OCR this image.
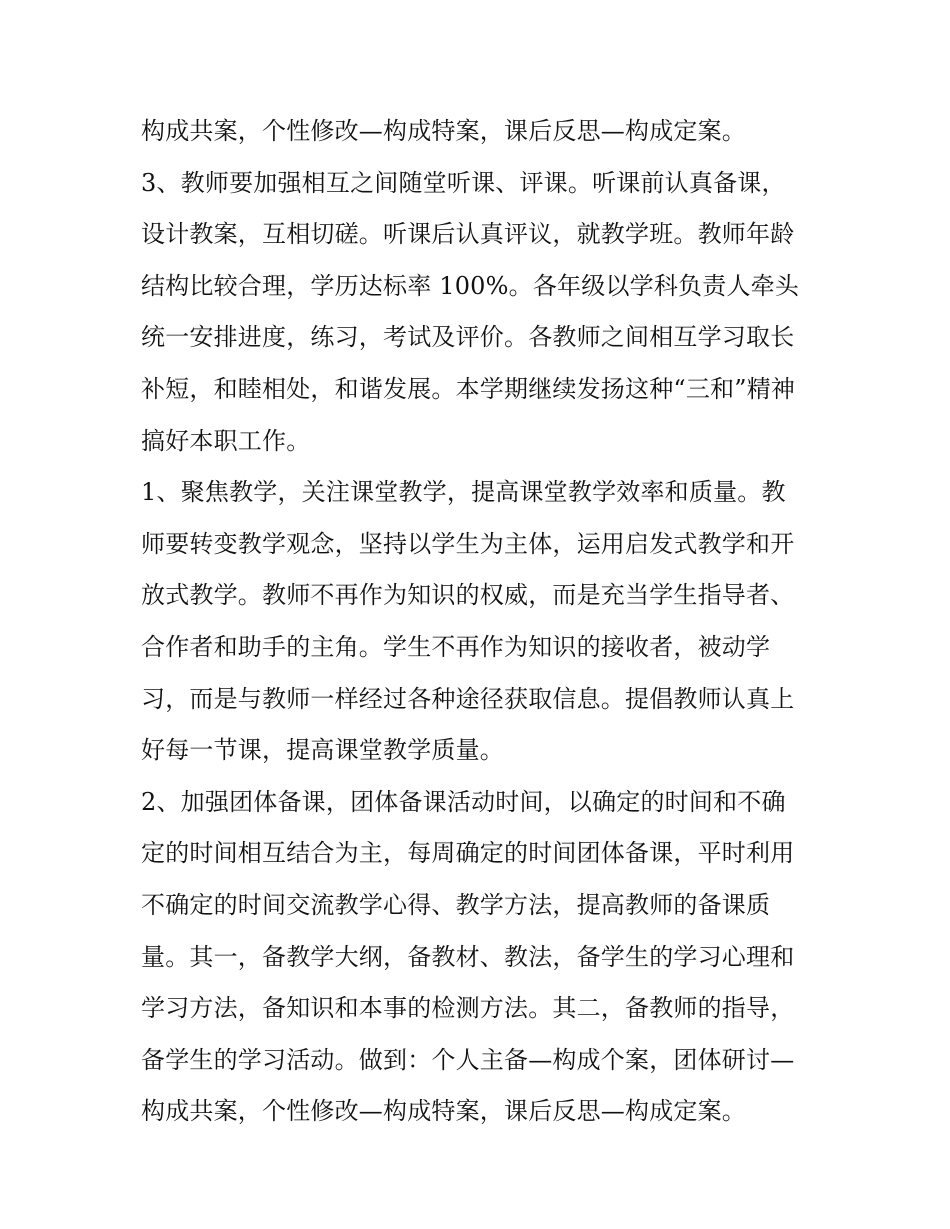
构成共案，个性修改—构成特案，课后反思—构成定案。
3、教师要加强相互之间随堂听课、评课。听课前认真备课，
设计教案，互相切磋。听课后认真评议，就教学班。教师年龄
结构比较合理，学历达标率 100%。各年级以学科负责人牵头
统一安排进度，练习，考试及评价。各教师之间相互学习取长
补短，和睦相处，和谐发展。本学期继续发扬这种“三和”精神
搞好本职工作。
1、聚焦教学，关注课堂教学，提高课堂教学效率和质量。教
师要转变教学观念，坚持以学生为主体，运用启发式教学和开
放式教学。教师不再作为知识的权威，而是充当学生指导者、
合作者和助手的主角。学生不再作为知识的接收者，被动学
习，而是与教师一样经过各种途径获取信息。提倡教师认真上
好每一节课，提高课堂教学质量。
2、加强团体备课，团体备课活动时间，以确定的时间和不确
定的时间相互结合为主，每周确定的时间团体备课，平时利用
不确定的时间交流教学心得、教学方法，提高教师的备课质
量。其一，备教学大纲，备教材、教法，备学生的学习心理和
学习方法，备知识和本事的检测方法。其二，备教师的指导，
备学生的学习活动。做到：个人主备—构成个案，团体研讨—
构成共案，个性修改—构成特案，课后反思—构成定案。
